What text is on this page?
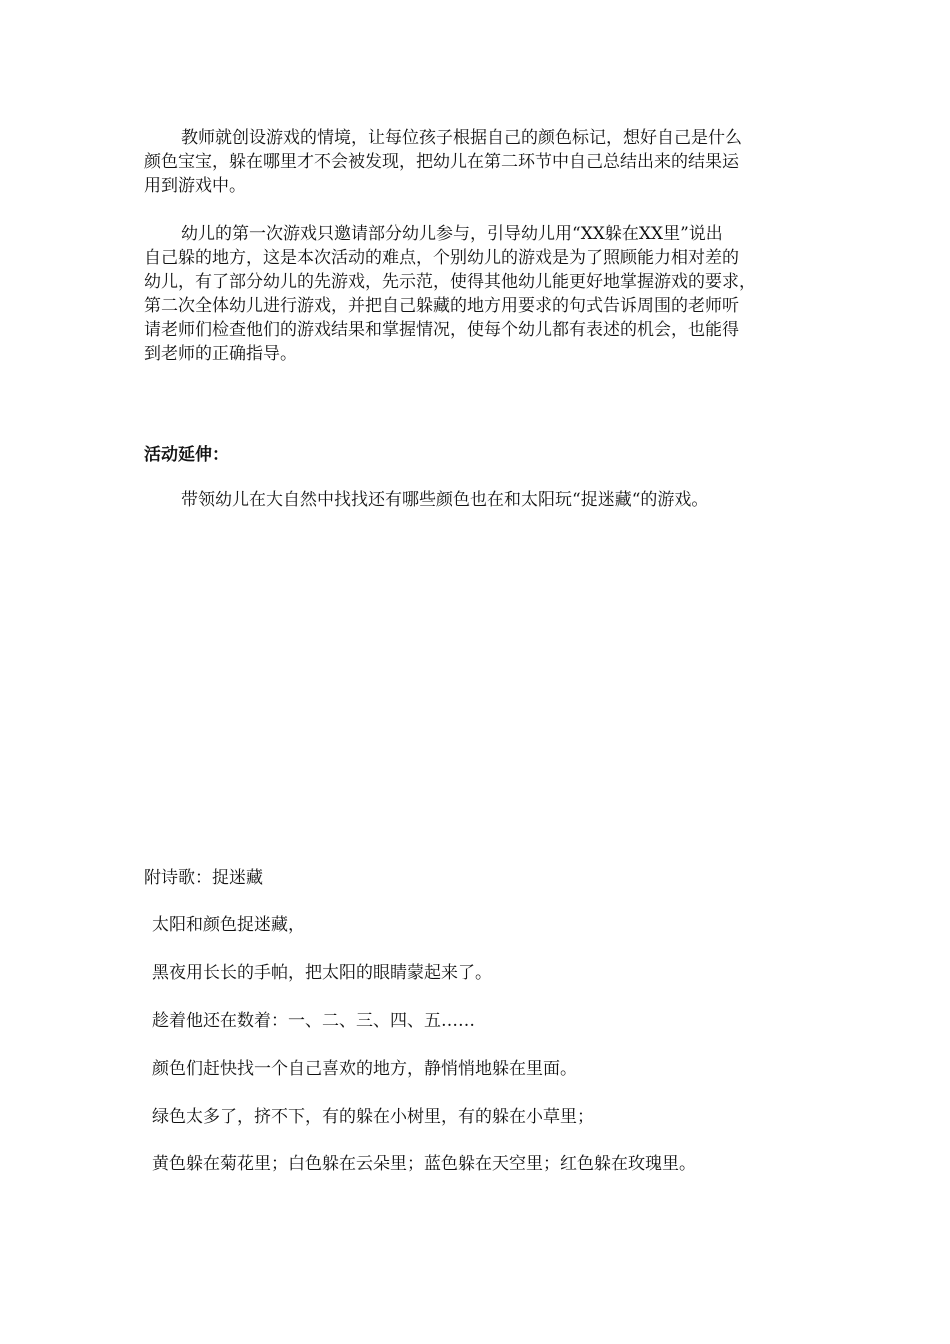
教师就创设游戏的情境，让每位孩子根据自己的颜色标记，想好自己是什么
颜色宝宝，躲在哪里才不会被发现，把幼儿在第二环节中自己总结出来的结果运
用到游戏中。
幼儿的第一次游戏只邀请部分幼儿参与，引导幼儿用“XX躲在XX里”说出
自己躲的地方，这是本次活动的难点，个别幼儿的游戏是为了照顾能力相对差的
幼儿，有了部分幼儿的先游戏，先示范，使得其他幼儿能更好地掌握游戏的要求，
第二次全体幼儿进行游戏，并把自己躲藏的地方用要求的句式告诉周围的老师听
请老师们检查他们的游戏结果和掌握情况，使每个幼儿都有表述的机会，也能得
到老师的正确指导。

活动延伸：

带领幼儿在大自然中找找还有哪些颜色也在和太阳玩“捉迷藏“的游戏。

附诗歌：捉迷藏

太阳和颜色捉迷藏，

黑夜用长长的手帕，把太阳的眼睛蒙起来了。

趁着他还在数着：一、二、三、四、五……

颜色们赶快找一个自己喜欢的地方，静悄悄地躲在里面。

绿色太多了，挤不下，有的躲在小树里，有的躲在小草里；

黄色躲在菊花里；白色躲在云朵里；蓝色躲在天空里；红色躲在玫瑰里。
